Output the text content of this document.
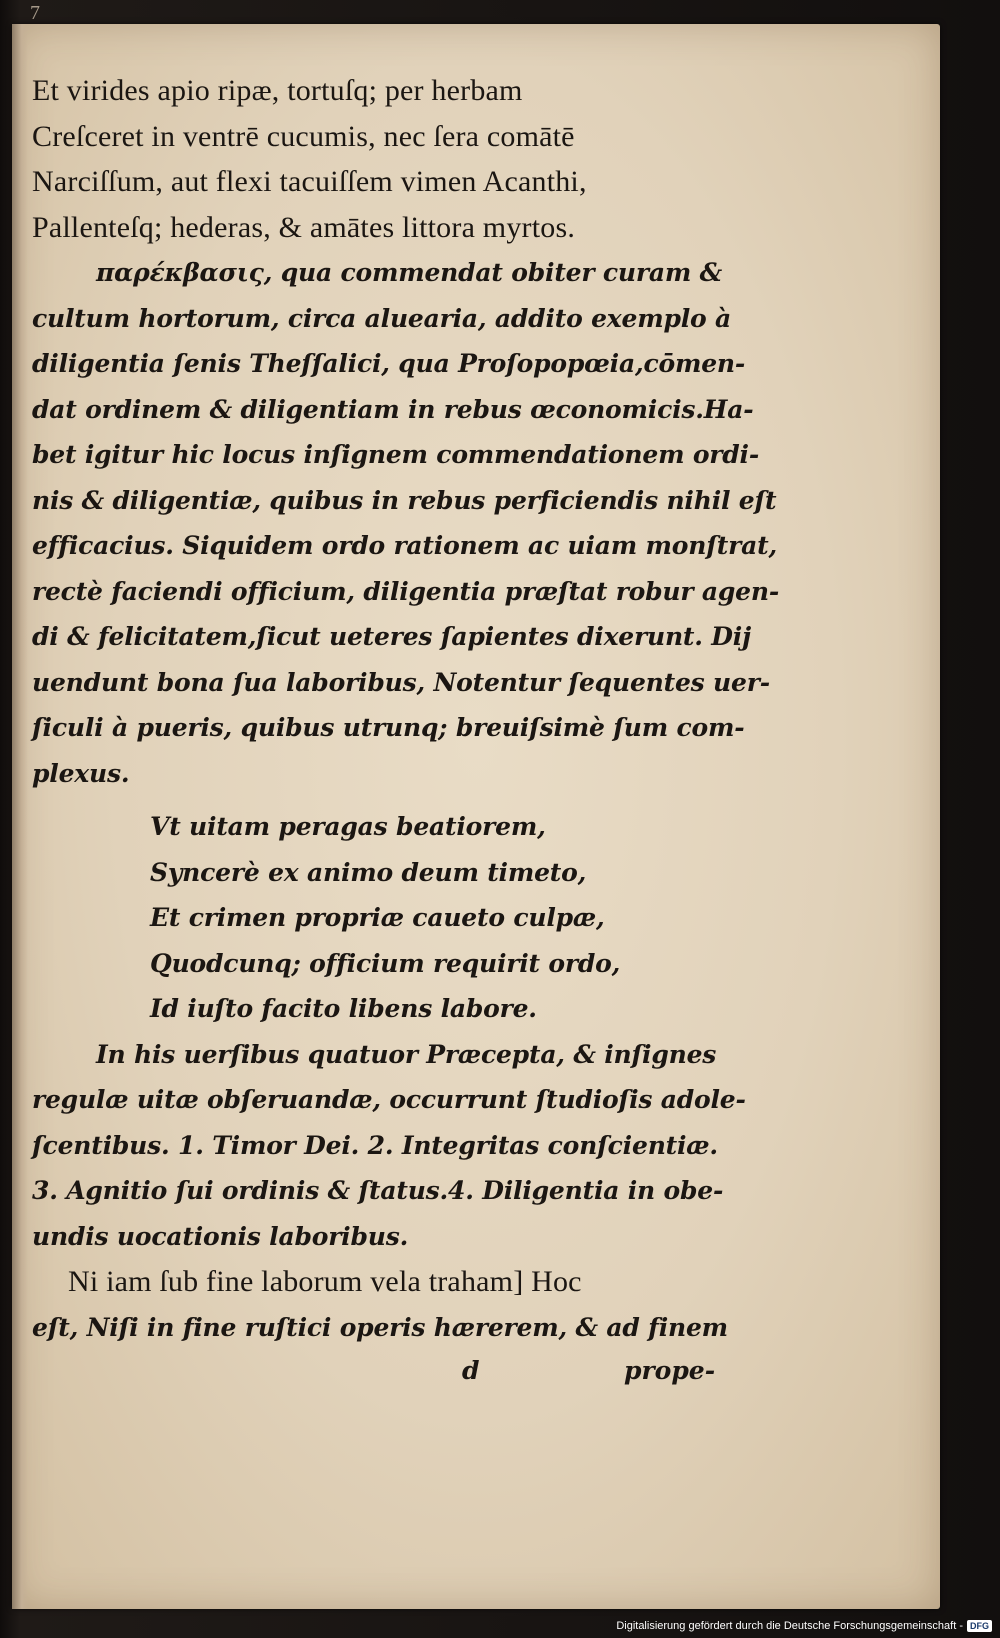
7
Et virides apio ripæ, tortuſq; per herbam
Creſceret in ventrē cucumis, nec ſera comātē
Narciſſum, aut flexi tacuiſſem vimen Acanthi,
Pallenteſq; hederas, & amātes littora myrtos.
παρέκβασις, qua commendat obiter curam &
cultum hortorum, circa aluearia, addito exemplo à
diligentia ſenis Theſſalici, qua Proſopopœia,cōmen-
dat ordinem & diligentiam in rebus œconomicis.Ha-
bet igitur hic locus inſignem commendationem ordi-
nis & diligentiæ, quibus in rebus perficiendis nihil eſt
efficacius. Siquidem ordo rationem ac uiam monſtrat,
rectè faciendi officium, diligentia præſtat robur agen-
di & felicitatem,ſicut ueteres ſapientes dixerunt. Dij
uendunt bona ſua laboribus, Notentur ſequentes uer-
ſiculi à pueris, quibus utrunq; breuiſsimè ſum com-
plexus.
Vt uitam peragas beatiorem,
Syncerè ex animo deum timeto,
Et crimen propriæ caueto culpæ,
Quodcunq; officium requirit ordo,
Id iuſto facito libens labore.
In his uerſibus quatuor Præcepta, & inſignes
regulæ uitæ obſeruandæ, occurrunt ſtudioſis adole-
ſcentibus. 1. Timor Dei. 2. Integritas conſcientiæ.
3. Agnitio ſui ordinis & ſtatus.4. Diligentia in obe-
undis uocationis laboribus.
Ni iam ſub fine laborum vela traham] Hoc
eſt, Niſi in fine ruſtici operis hærerem, & ad finem
d	prope-
Digitalisierung gefördert durch die Deutsche Forschungsgemeinschaft - DFG
